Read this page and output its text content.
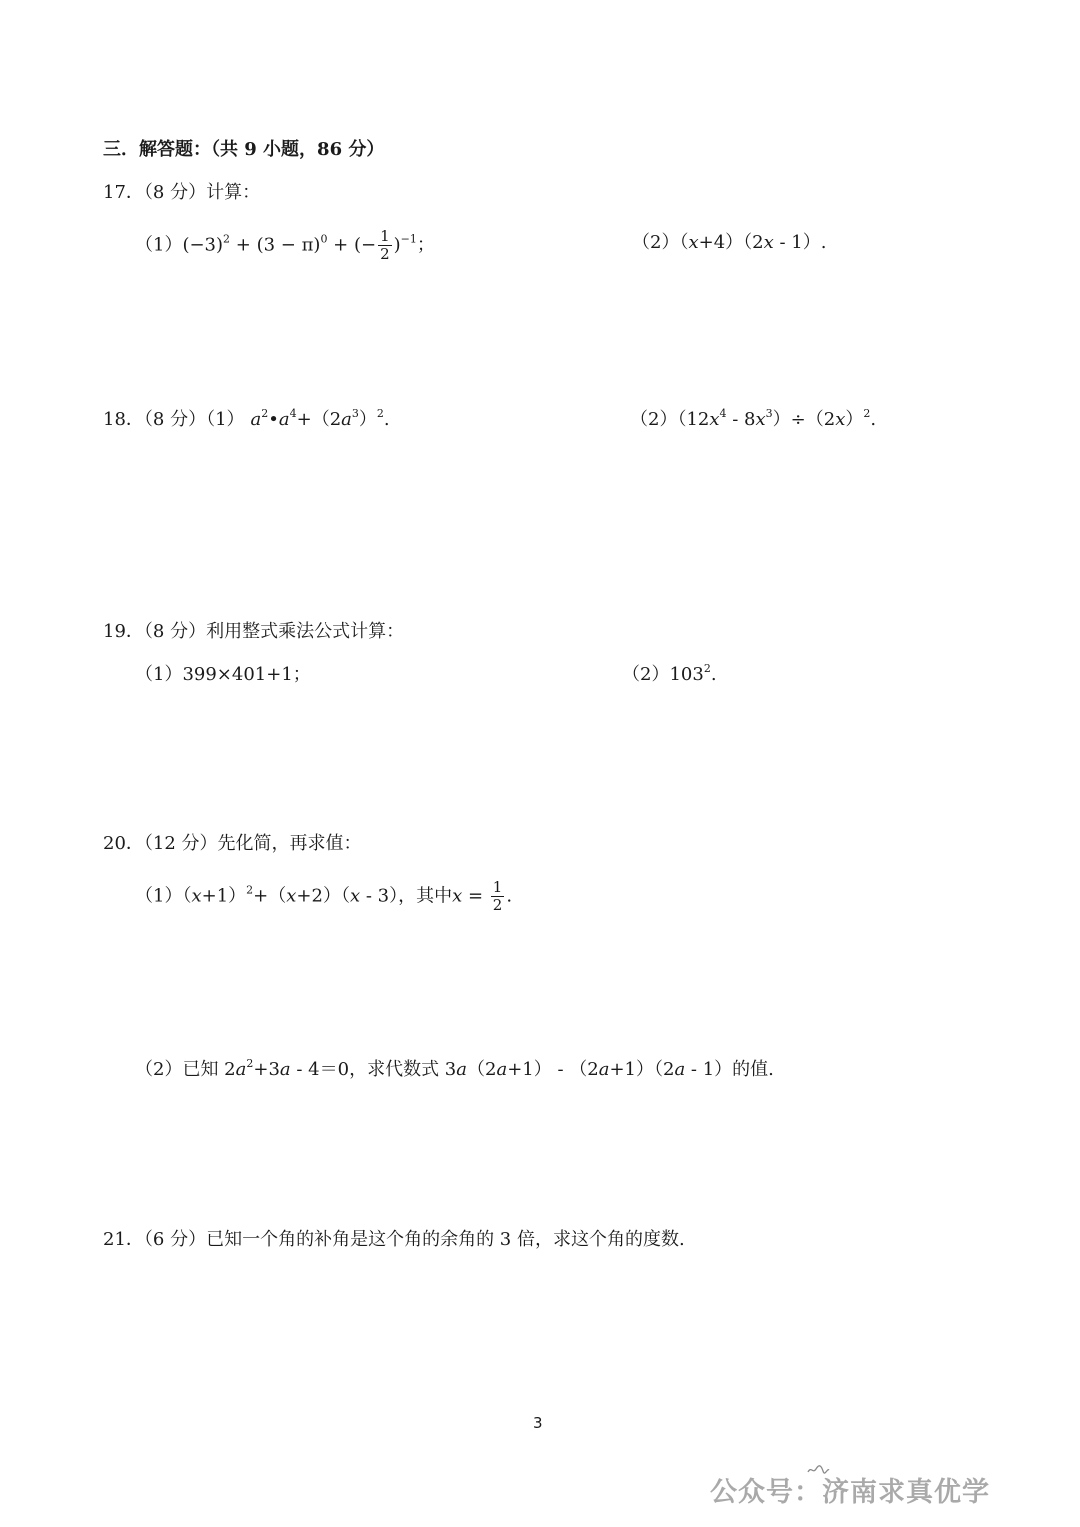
三．解答题：（共 9 小题，86 分）
17．（8 分）计算：
$(1)(-3)^2 + (3 - \pi)^0$ + (− $\frac{1}{2} )^{-1}$；	（2）（x+4）（2x - 1）.
18．（8 分）（1） $a^2•a^4+(2a^3)^2$.	$(2)(12x^4 - 8x^3)\div(2x)^2$.
19．（8 分）利用整式乘法公式计算：
（1）399×401+1；	$(2)103^2$.
20．（12 分）先化简，再求值：
$(1)(x+1)^2+(x+2)(x - 3)$，其中$x = \frac{1}{2}$ .
（2）已知 $2a^2+3a - 4=0$，求代数式 3a（2a+1） - （2a+1）（2a - 1）的值.
21．（6 分）已知一个角的补角是这个角的余角的 3 倍，求这个角的度数.
3
公众号：济南求真优学
